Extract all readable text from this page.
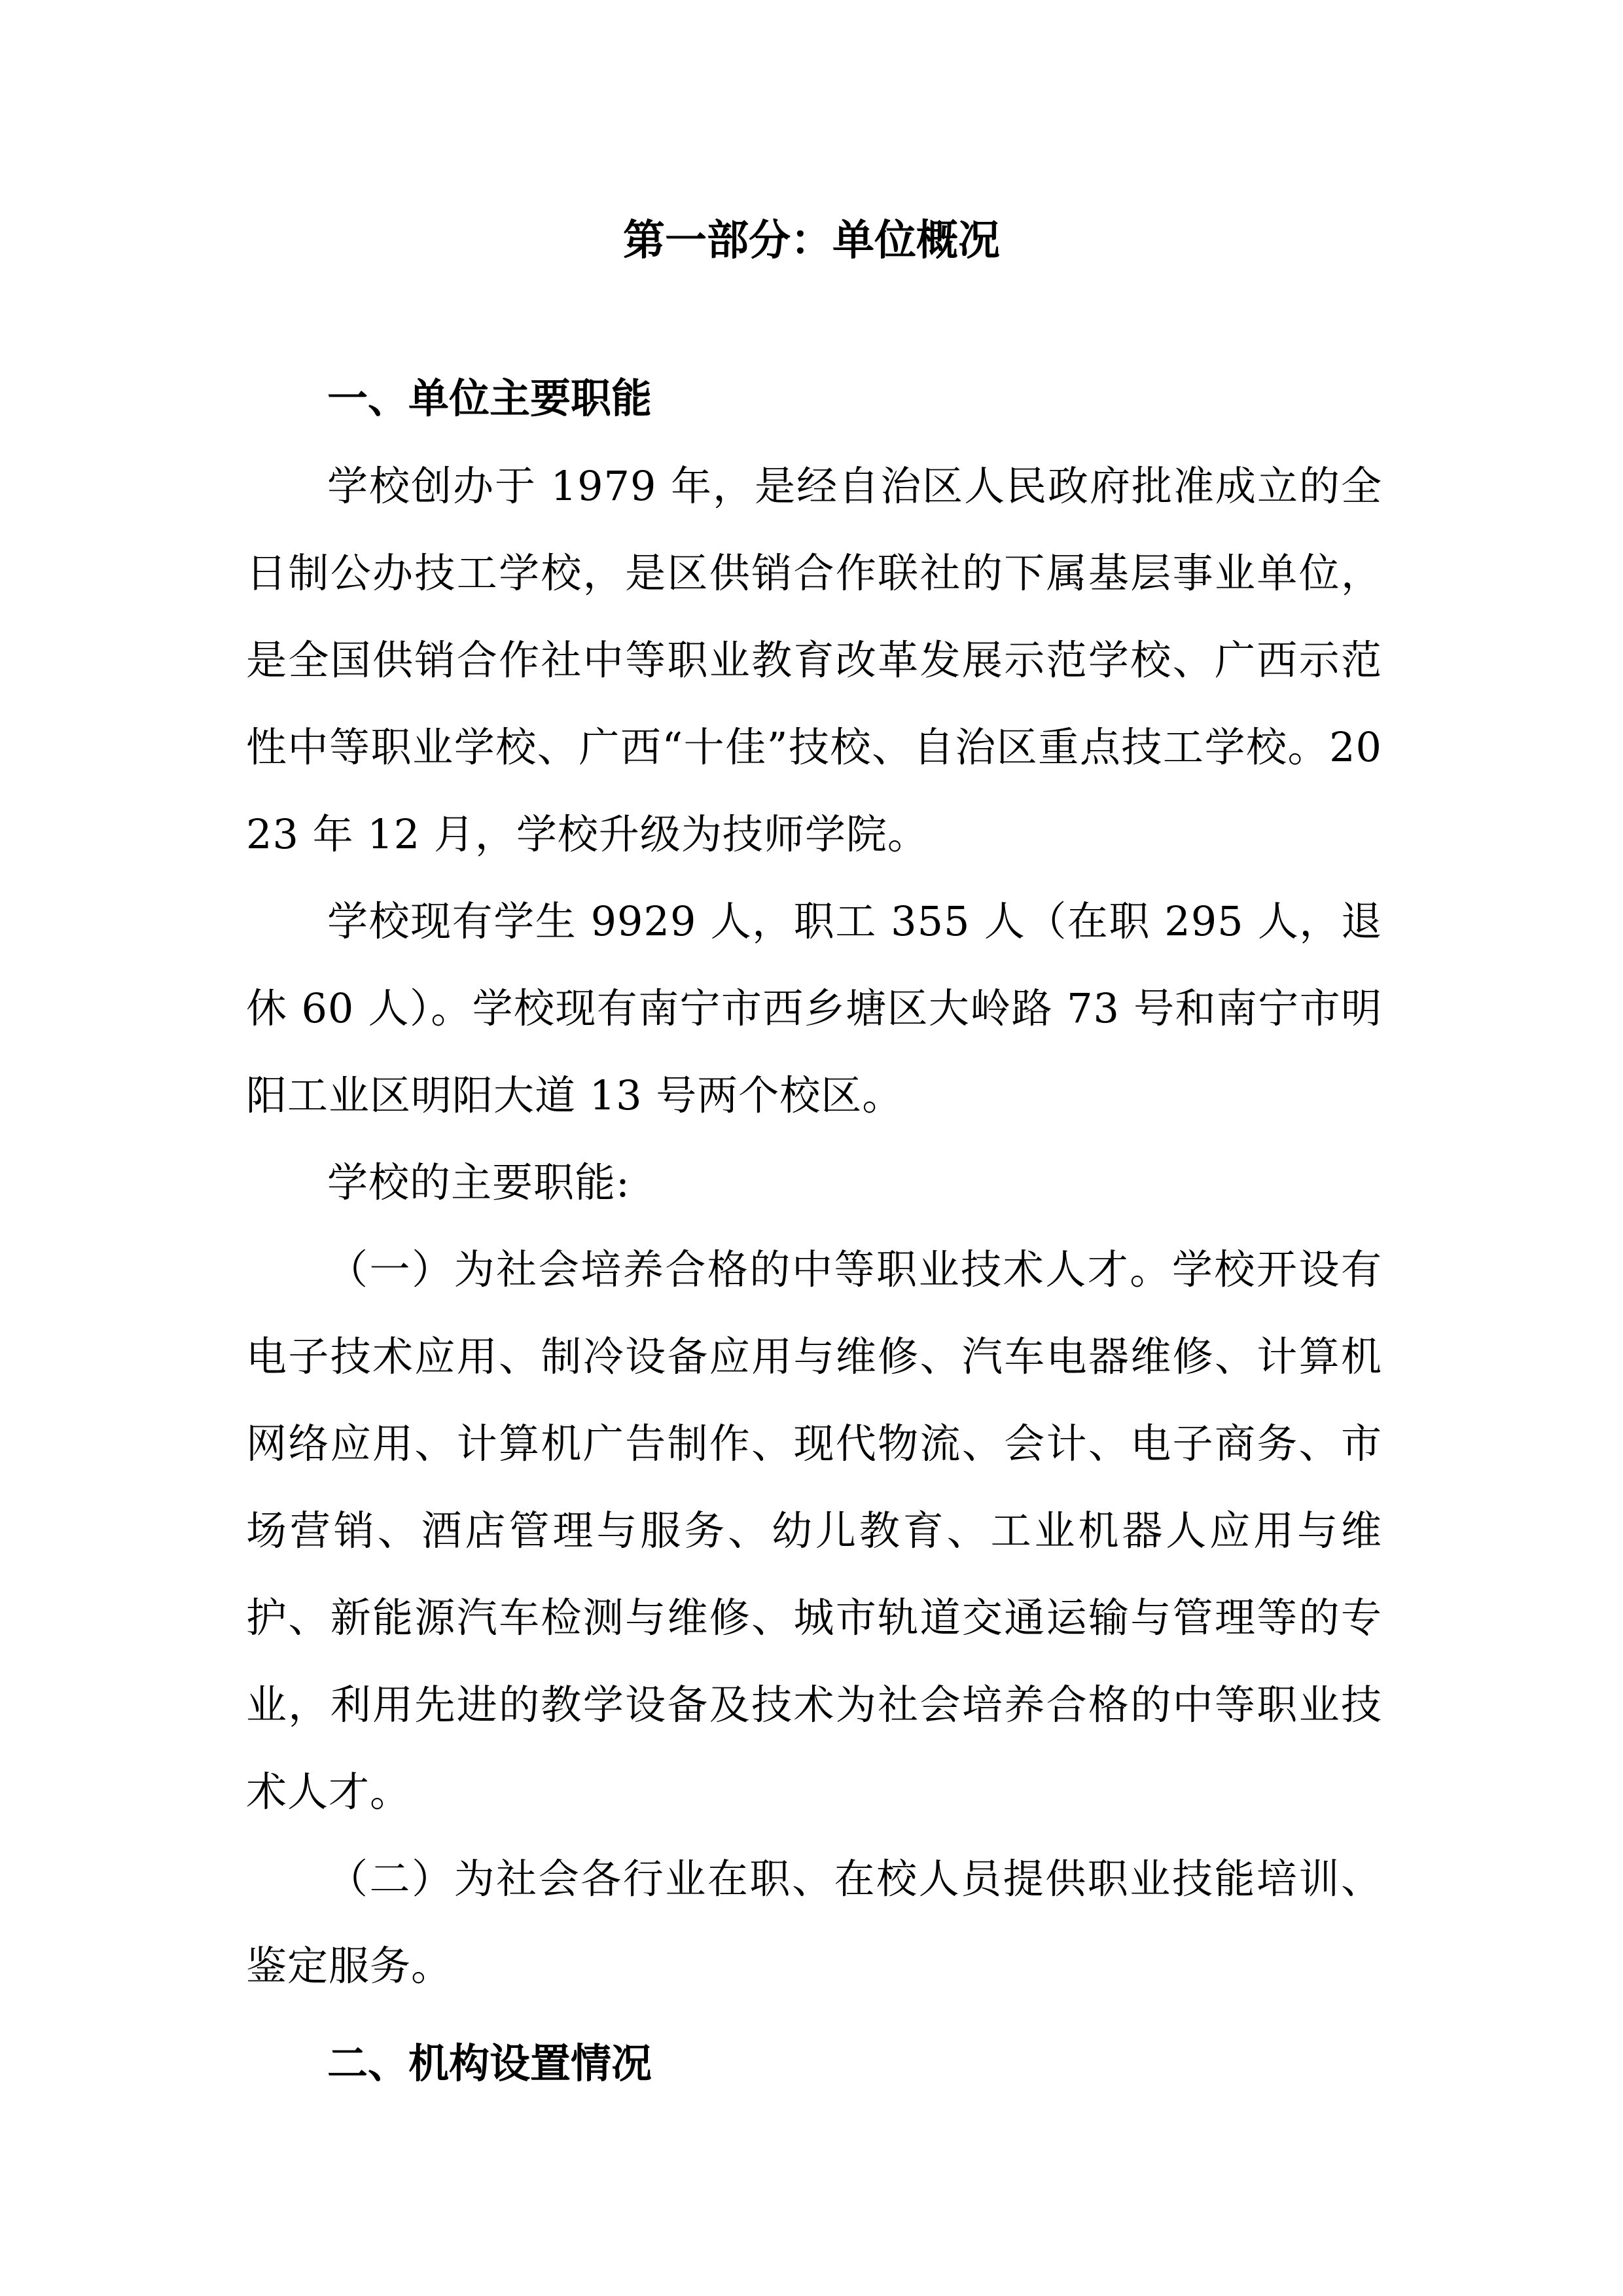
第一部分：单位概况
一、单位主要职能

学校创办于 1979 年，是经自治区人民政府批准成立的全日制公办技工学校，是区供销合作联社的下属基层事业单位，是全国供销合作社中等职业教育改革发展示范学校、广西示范性中等职业学校、广西“十佳”技校、自治区重点技工学校。2023 年 12 月，学校升级为技师学院。

学校现有学生 9929 人，职工 355 人（在职 295 人，退休 60 人）。学校现有南宁市西乡塘区大岭路 73 号和南宁市明阳工业区明阳大道 13 号两个校区。

学校的主要职能:

（一）为社会培养合格的中等职业技术人才。学校开设有电子技术应用、制冷设备应用与维修、汽车电器维修、计算机网络应用、计算机广告制作、现代物流、会计、电子商务、市场营销、酒店管理与服务、幼儿教育、工业机器人应用与维护、新能源汽车检测与维修、城市轨道交通运输与管理等的专业，利用先进的教学设备及技术为社会培养合格的中等职业技术人才。

（二）为社会各行业在职、在校人员提供职业技能培训、鉴定服务。

二、机构设置情况
